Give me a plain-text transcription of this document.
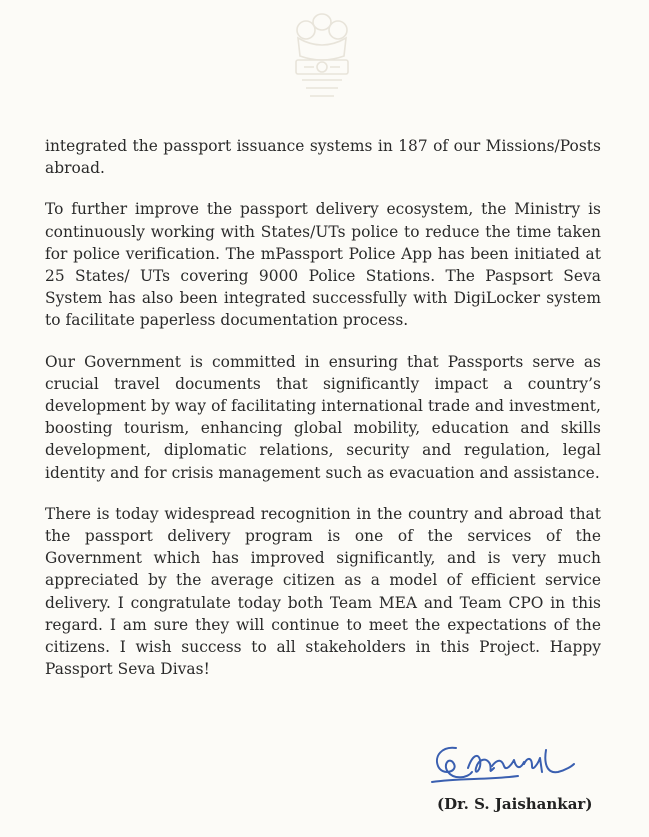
integrated the passport issuance systems in 187 of our Missions/Posts abroad.

To further improve the passport delivery ecosystem, the Ministry is continuously working with States/UTs police to reduce the time taken for police verification. The mPassport Police App has been initiated at 25 States/ UTs covering 9000 Police Stations. The Paspsort Seva System has also been integrated successfully with DigiLocker system to facilitate paperless documentation process.

Our Government is committed in ensuring that Passports serve as crucial travel documents that significantly impact a country’s development by way of facilitating international trade and investment, boosting tourism, enhancing global mobility, education and skills development, diplomatic relations, security and regulation, legal identity and for crisis management such as evacuation and assistance.

There is today widespread recognition in the country and abroad that the passport delivery program is one of the services of the Government which has improved significantly, and is very much appreciated by the average citizen as a model of efficient service delivery. I congratulate today both Team MEA and Team CPO in this regard. I am sure they will continue to meet the expectations of the citizens. I wish success to all stakeholders in this Project. Happy Passport Seva Divas!

(Dr. S. Jaishankar)
